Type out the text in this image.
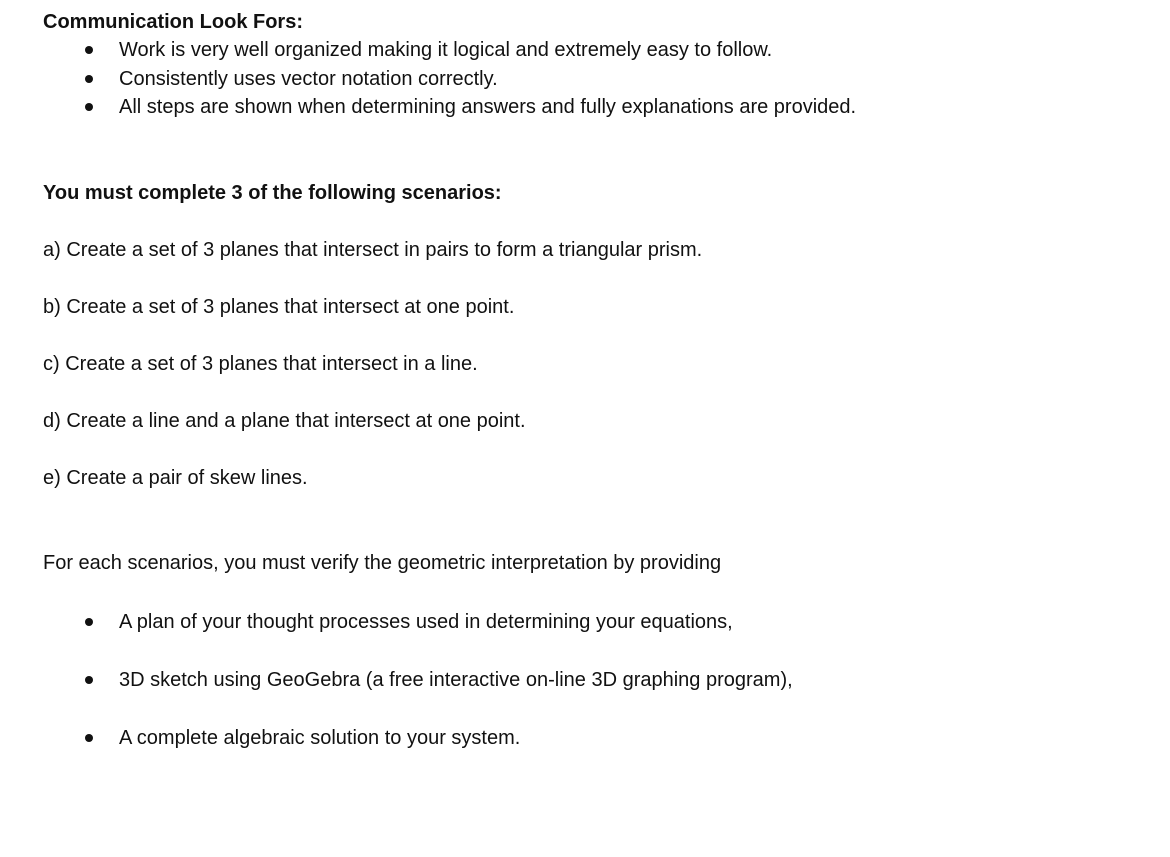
Communication Look Fors:
Work is very well organized making it logical and extremely easy to follow.
Consistently uses vector notation correctly.
All steps are shown when determining answers and fully explanations are provided.
You must complete 3 of the following scenarios:
a) Create a set of 3 planes that intersect in pairs to form a triangular prism.
b) Create a set of 3 planes that intersect at one point.
c) Create a set of 3 planes that intersect in a line.
d) Create a line and a plane that intersect at one point.
e) Create a pair of skew lines.
For each scenarios, you must verify the geometric interpretation by providing
A plan of your thought processes used in determining your equations,
3D sketch using GeoGebra (a free interactive on-line 3D graphing program),
A complete algebraic solution to your system.
